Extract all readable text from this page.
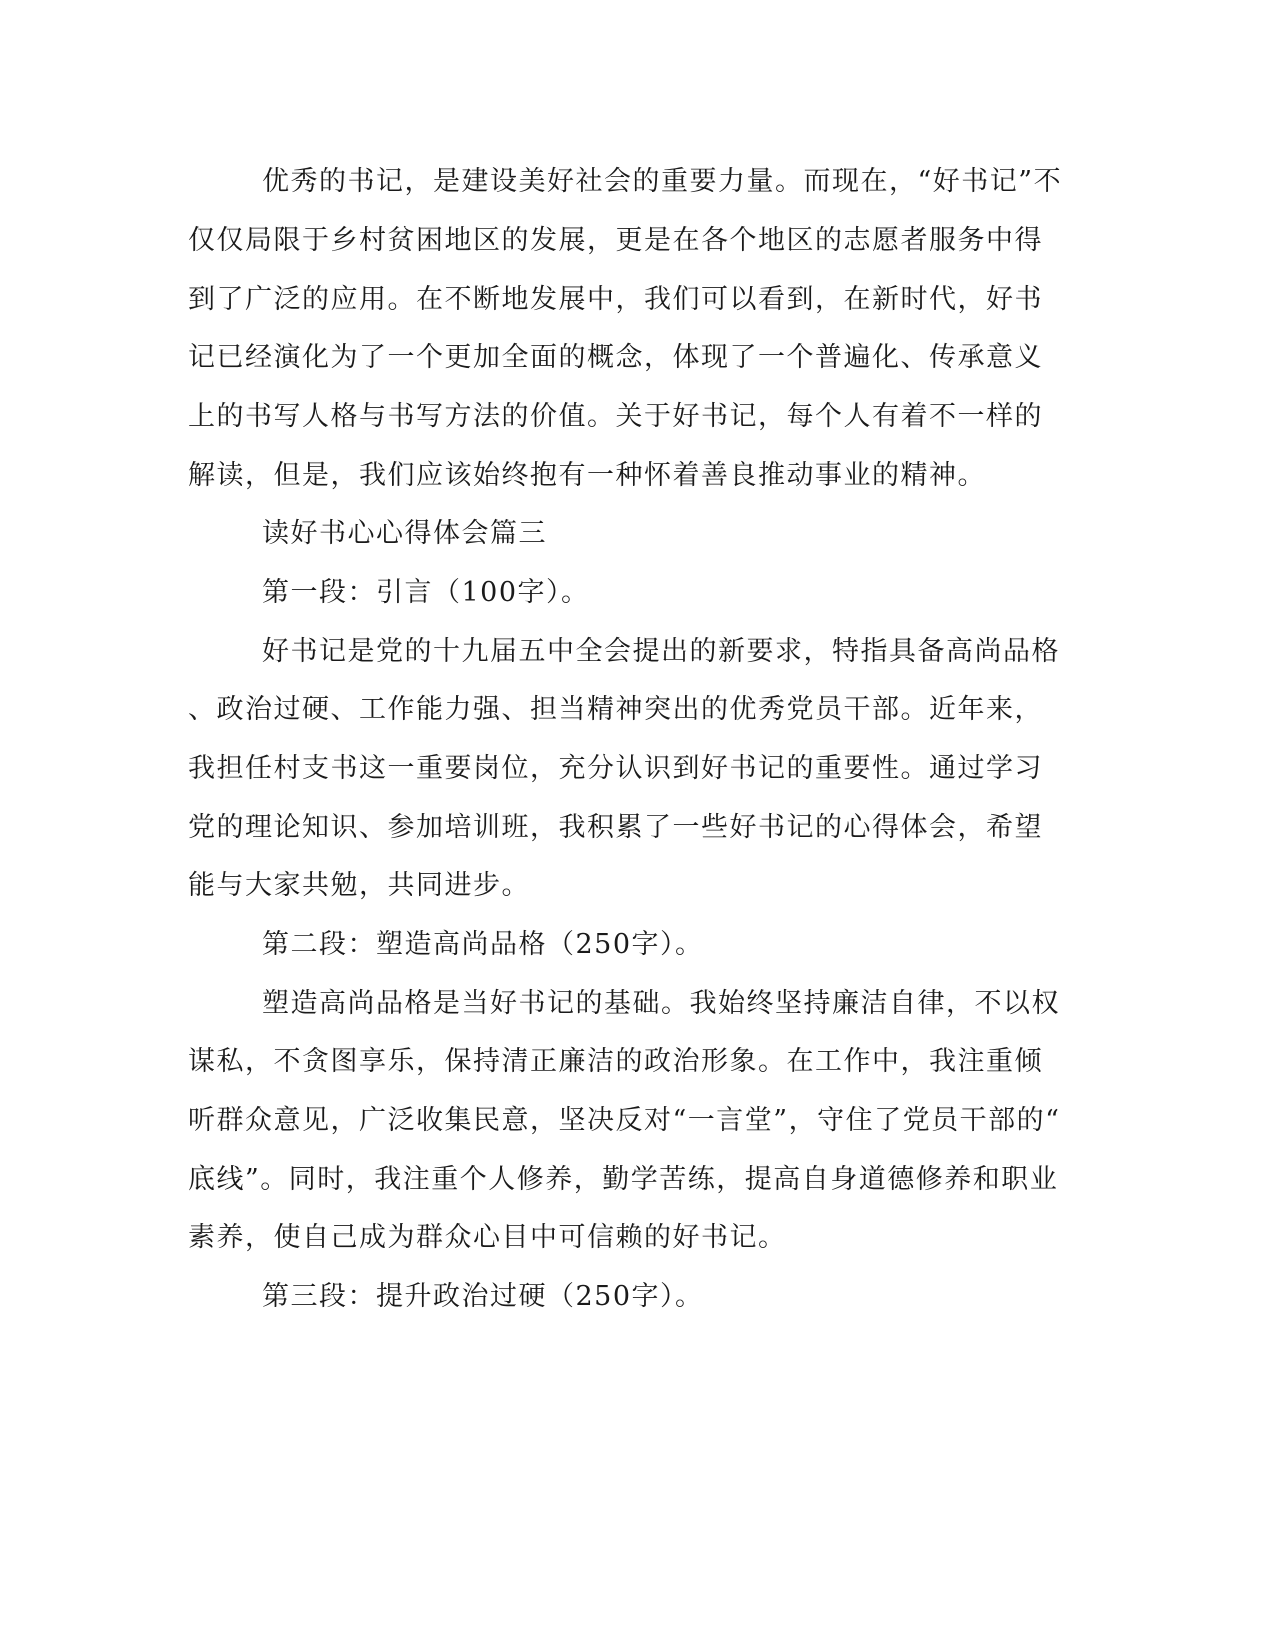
优秀的书记，是建设美好社会的重要力量。而现在，“好书记”不
仅仅局限于乡村贫困地区的发展，更是在各个地区的志愿者服务中得
到了广泛的应用。在不断地发展中，我们可以看到，在新时代，好书
记已经演化为了一个更加全面的概念，体现了一个普遍化、传承意义
上的书写人格与书写方法的价值。关于好书记，每个人有着不一样的
解读，但是，我们应该始终抱有一种怀着善良推动事业的精神。
读好书心心得体会篇三
第一段：引言（100字）。
好书记是党的十九届五中全会提出的新要求，特指具备高尚品格
、政治过硬、工作能力强、担当精神突出的优秀党员干部。近年来，
我担任村支书这一重要岗位，充分认识到好书记的重要性。通过学习
党的理论知识、参加培训班，我积累了一些好书记的心得体会，希望
能与大家共勉，共同进步。
第二段：塑造高尚品格（250字）。
塑造高尚品格是当好书记的基础。我始终坚持廉洁自律，不以权
谋私，不贪图享乐，保持清正廉洁的政治形象。在工作中，我注重倾
听群众意见，广泛收集民意，坚决反对“一言堂”，守住了党员干部的“
底线”。同时，我注重个人修养，勤学苦练，提高自身道德修养和职业
素养，使自己成为群众心目中可信赖的好书记。
第三段：提升政治过硬（250字）。
